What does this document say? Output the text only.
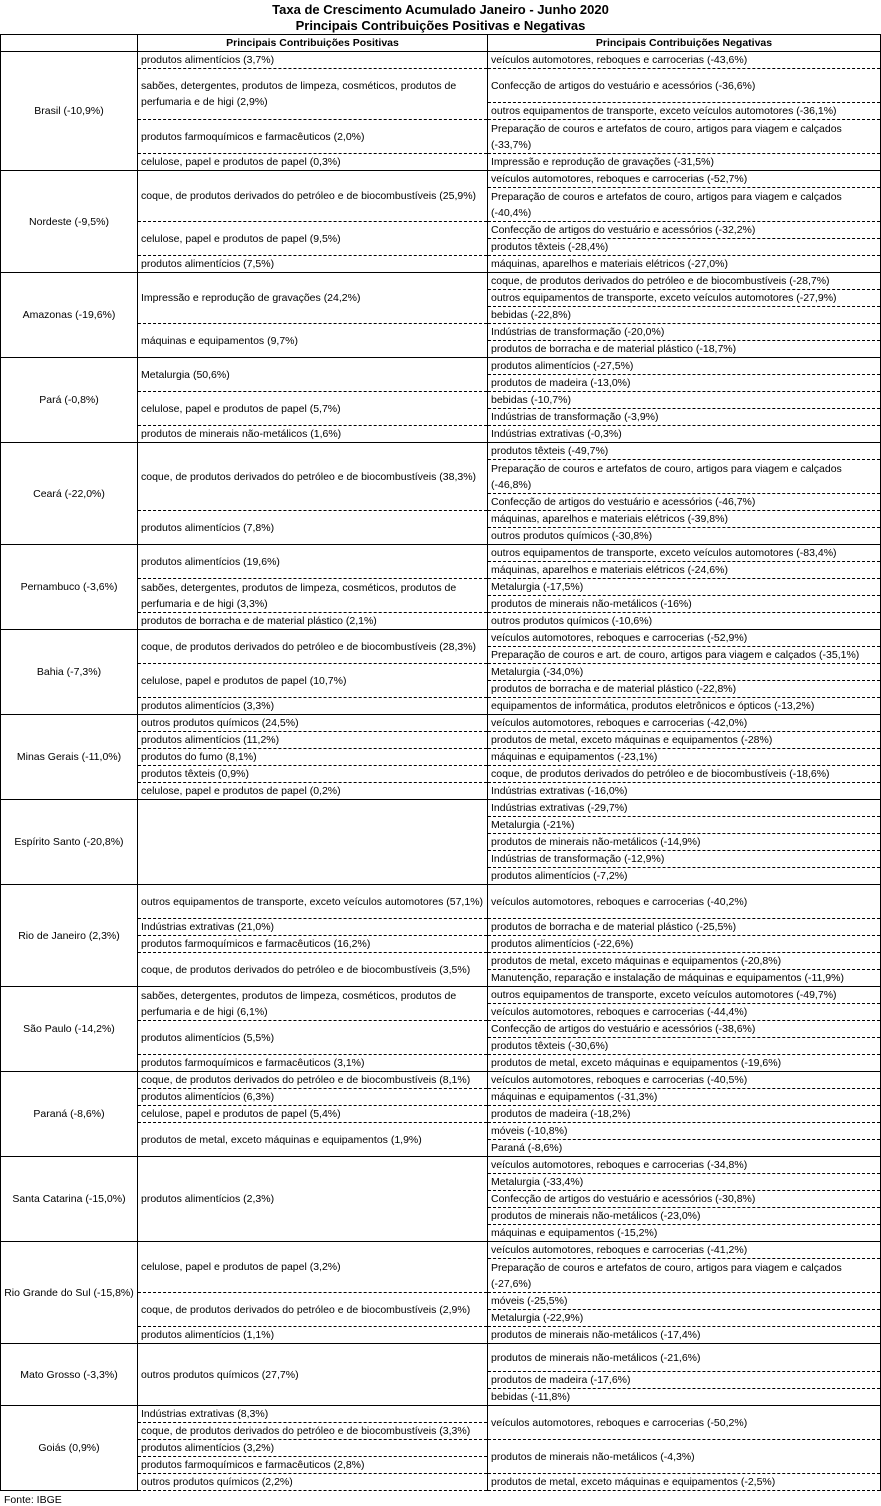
Taxa de Crescimento Acumulado Janeiro - Junho 2020
Principais Contribuições Positivas e Negativas
	Principais Contribuições Positivas	Principais Contribuições Negativas
Brasil (-10,9%)	produtos alimentícios (3,7%)	veículos automotores, reboques e carrocerias (-43,6%)
	sabões, detergentes, produtos de limpeza, cosméticos, produtos de perfumaria e de higi (2,9%)	Confecção de artigos do vestuário e acessórios (-36,6%)
		outros equipamentos de transporte, exceto veículos automotores (-36,1%)
	produtos farmoquímicos e farmacêuticos (2,0%)	Preparação de couros e artefatos de couro, artigos para viagem e calçados (-33,7%)
	celulose, papel e produtos de papel (0,3%)	Impressão e reprodução de gravações (-31,5%)
Nordeste (-9,5%)	coque, de produtos derivados do petróleo e de biocombustíveis (25,9%)	veículos automotores, reboques e carrocerias (-52,7%)
		Preparação de couros e artefatos de couro, artigos para viagem e calçados (-40,4%)
	celulose, papel e produtos de papel (9,5%)	Confecção de artigos do vestuário e acessórios (-32,2%)
		produtos têxteis (-28,4%)
	produtos alimentícios (7,5%)	máquinas, aparelhos e materiais elétricos (-27,0%)
Amazonas (-19,6%)	Impressão e reprodução de gravações (24,2%)	coque, de produtos derivados do petróleo e de biocombustíveis (-28,7%)
		outros equipamentos de transporte, exceto veículos automotores (-27,9%)
		bebidas (-22,8%)
	máquinas e equipamentos (9,7%)	Indústrias de transformação (-20,0%)
		produtos de borracha e de material plástico (-18,7%)
Pará (-0,8%)	Metalurgia (50,6%)	produtos alimentícios (-27,5%)
		produtos de madeira (-13,0%)
	celulose, papel e produtos de papel (5,7%)	bebidas (-10,7%)
		Indústrias de transformação (-3,9%)
	produtos de minerais não-metálicos (1,6%)	Indústrias extrativas (-0,3%)
Ceará (-22,0%)	coque, de produtos derivados do petróleo e de biocombustíveis (38,3%)	produtos têxteis (-49,7%)
		Preparação de couros e artefatos de couro, artigos para viagem e calçados (-46,8%)
		Confecção de artigos do vestuário e acessórios (-46,7%)
	produtos alimentícios (7,8%)	máquinas, aparelhos e materiais elétricos (-39,8%)
		outros produtos químicos (-30,8%)
Pernambuco (-3,6%)	produtos alimentícios (19,6%)	outros equipamentos de transporte, exceto veículos automotores (-83,4%)
		máquinas, aparelhos e materiais elétricos (-24,6%)
	sabões, detergentes, produtos de limpeza, cosméticos, produtos de perfumaria e de higi (3,3%)	Metalurgia (-17,5%)
		produtos de minerais não-metálicos (-16%)
	produtos de borracha e de material plástico (2,1%)	outros produtos químicos (-10,6%)
Bahia (-7,3%)	coque, de produtos derivados do petróleo e de biocombustíveis (28,3%)	veículos automotores, reboques e carrocerias (-52,9%)
		Preparação de couros e art. de couro, artigos para viagem e calçados (-35,1%)
	celulose, papel e produtos de papel (10,7%)	Metalurgia (-34,0%)
		produtos de borracha e de material plástico (-22,8%)
	produtos alimentícios (3,3%)	equipamentos de informática, produtos eletrônicos e ópticos (-13,2%)
Minas Gerais (-11,0%)	outros produtos químicos (24,5%)	veículos automotores, reboques e carrocerias (-42,0%)
	produtos alimentícios (11,2%)	produtos de metal, exceto máquinas e equipamentos (-28%)
	produtos do fumo (8,1%)	máquinas e equipamentos (-23,1%)
	produtos têxteis (0,9%)	coque, de produtos derivados do petróleo e de biocombustíveis (-18,6%)
	celulose, papel e produtos de papel (0,2%)	Indústrias extrativas (-16,0%)
Espírito Santo (-20,8%)		Indústrias extrativas (-29,7%)
		Metalurgia (-21%)
		produtos de minerais não-metálicos (-14,9%)
		Indústrias de transformação (-12,9%)
		produtos alimentícios (-7,2%)
Rio de Janeiro (2,3%)	outros equipamentos de transporte, exceto veículos automotores (57,1%)	veículos automotores, reboques e carrocerias (-40,2%)
	Indústrias extrativas (21,0%)	produtos de borracha e de material plástico (-25,5%)
	produtos farmoquímicos e farmacêuticos (16,2%)	produtos alimentícios (-22,6%)
	coque, de produtos derivados do petróleo e de biocombustíveis (3,5%)	produtos de metal, exceto máquinas e equipamentos (-20,8%)
		Manutenção, reparação e instalação de máquinas e equipamentos (-11,9%)
São Paulo (-14,2%)	sabões, detergentes, produtos de limpeza, cosméticos, produtos de perfumaria e de higi (6,1%)	outros equipamentos de transporte, exceto veículos automotores (-49,7%)
		veículos automotores, reboques e carrocerias (-44,4%)
	produtos alimentícios (5,5%)	Confecção de artigos do vestuário e acessórios (-38,6%)
		produtos têxteis (-30,6%)
	produtos farmoquímicos e farmacêuticos (3,1%)	produtos de metal, exceto máquinas e equipamentos (-19,6%)
Paraná (-8,6%)	coque, de produtos derivados do petróleo e de biocombustíveis (8,1%)	veículos automotores, reboques e carrocerias (-40,5%)
	produtos alimentícios (6,3%)	máquinas e equipamentos (-31,3%)
	celulose, papel e produtos de papel (5,4%)	produtos de madeira (-18,2%)
	produtos de metal, exceto máquinas e equipamentos (1,9%)	móveis (-10,8%)
		Paraná (-8,6%)
Santa Catarina (-15,0%)	produtos alimentícios (2,3%)	veículos automotores, reboques e carrocerias (-34,8%)
		Metalurgia (-33,4%)
		Confecção de artigos do vestuário e acessórios (-30,8%)
		produtos de minerais não-metálicos (-23,0%)
		máquinas e equipamentos (-15,2%)
Rio Grande do Sul (-15,8%)	celulose, papel e produtos de papel (3,2%)	veículos automotores, reboques e carrocerias (-41,2%)
		Preparação de couros e artefatos de couro, artigos para viagem e calçados (-27,6%)
	coque, de produtos derivados do petróleo e de biocombustíveis (2,9%)	móveis (-25,5%)
		Metalurgia (-22,9%)
	produtos alimentícios (1,1%)	produtos de minerais não-metálicos (-17,4%)
Mato Grosso (-3,3%)	outros produtos químicos (27,7%)	produtos de minerais não-metálicos (-21,6%)
		produtos de madeira (-17,6%)
		bebidas (-11,8%)
Goiás (0,9%)	Indústrias extrativas (8,3%)	veículos automotores, reboques e carrocerias (-50,2%)
	coque, de produtos derivados do petróleo e de biocombustíveis (3,3%)	
	produtos alimentícios (3,2%)	produtos de minerais não-metálicos (-4,3%)
	produtos farmoquímicos e farmacêuticos (2,8%)	
	outros produtos químicos (2,2%)	produtos de metal, exceto máquinas e equipamentos (-2,5%)
Fonte: IBGE
